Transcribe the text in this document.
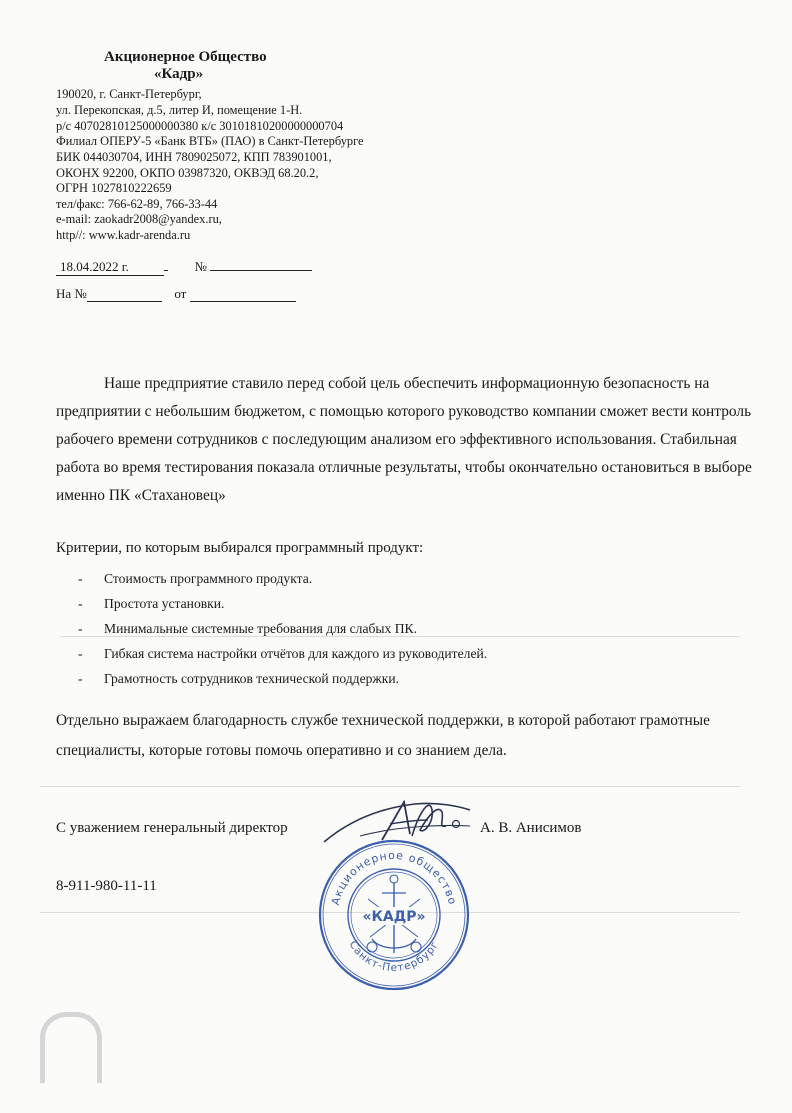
Акционерное Общество
«Кадр»
190020, г. Санкт-Петербург,
ул. Перекопская, д.5, литер И, помещение 1-Н.
р/с 40702810125000000380 к/с 30101810200000000704
Филиал ОПЕРУ-5 «Банк ВТБ» (ПАО) в Санкт-Петербурге
БИК 044030704, ИНН 7809025072, КПП 783901001,
ОКОНХ 92200, ОКПО 03987320, ОКВЭД 68.20.2,
ОГРН 1027810222659
тел/факс: 766-62-89, 766-33-44
e-mail: zaokadr2008@yandex.ru,
http//: www.kadr-arenda.ru
18.04.2022 г.	№
На №	от
Наше предприятие ставило перед собой цель обеспечить информационную безопасность на предприятии с небольшим бюджетом, с помощью которого руководство компании сможет вести контроль рабочего времени сотрудников с последующим анализом его эффективного использования. Стабильная работа во время тестирования показала отличные результаты, чтобы окончательно остановиться в выборе именно ПК «Стахановец»
Критерии, по которым выбирался программный продукт:
- Стоимость программного продукта.
- Простота установки.
- Минимальные системные требования для слабых ПК.
- Гибкая система настройки отчётов для каждого из руководителей.
- Грамотность сотрудников технической поддержки.
Отдельно выражаем благодарность службе технической поддержки, в которой работают грамотные специалисты, которые готовы помочь оперативно и со знанием дела.
С уважением генеральный директор	А. В. Анисимов
8-911-980-11-11
Акционерное общество
Санкт-Петербург
«КАДР»
